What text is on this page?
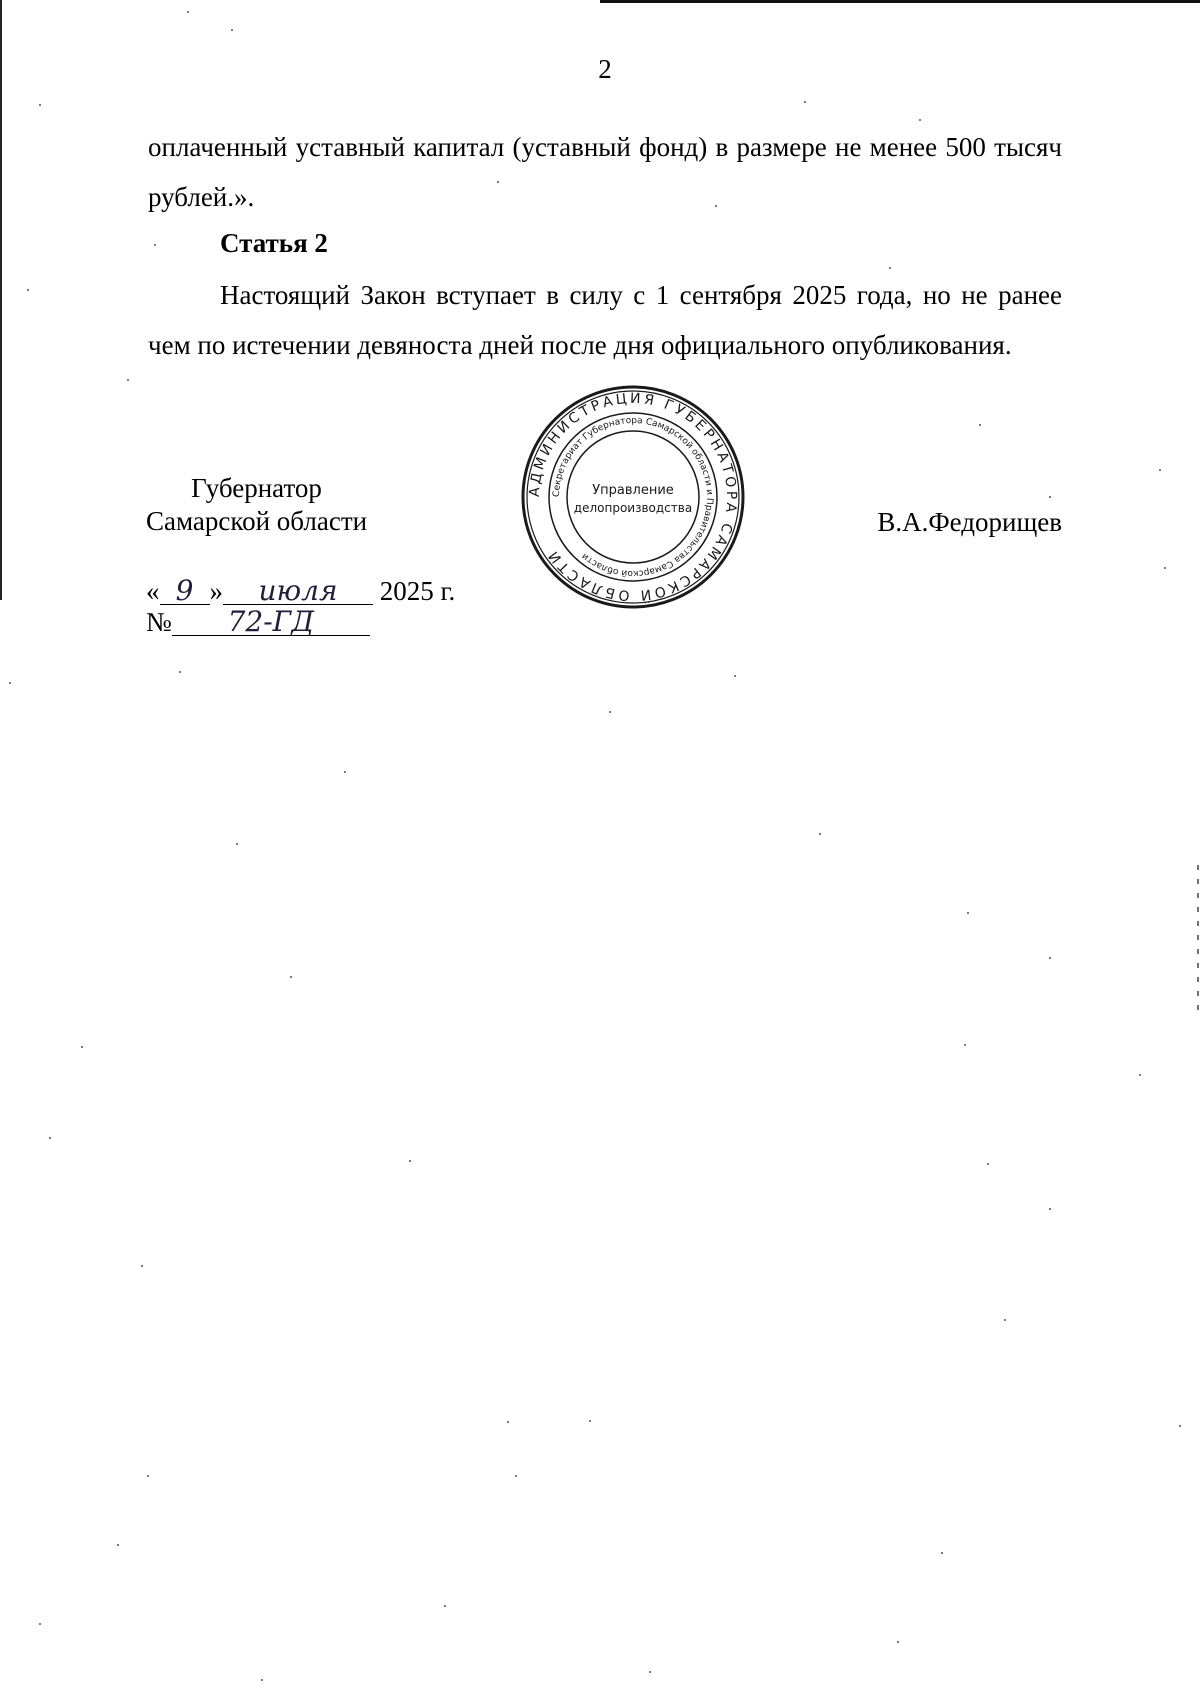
2
оплаченный уставный капитал (уставный фонд) в размере не менее 500 тысяч рублей.».
Статья 2
Настоящий Закон вступает в силу с 1 сентября 2025 года, но не ранее чем по истечении девяноста дней после дня официального опубликования.
Губернатор
Самарской области
АДМИНИСТРАЦИЯ ГУБЕРНАТОРА САМАРСКОЙ ОБЛАСТИ
Секретариат Губернатора Самарской области и Правительства Самарской области
Управление
делопроизводства	В.А.Федорищев
« 9 » июля 2025 г.
№ 72-ГД
